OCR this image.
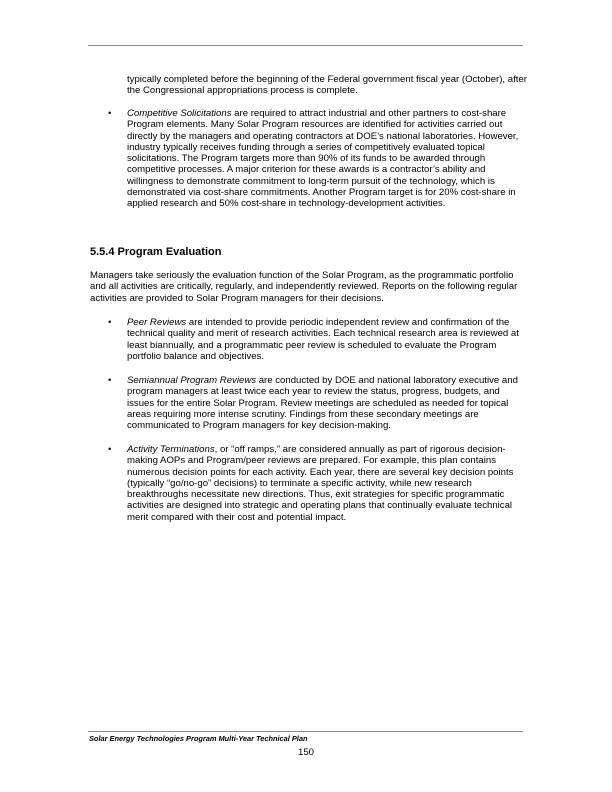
typically completed before the beginning of the Federal government fiscal year (October), after the Congressional appropriations process is complete.

• Competitive Solicitations are required to attract industrial and other partners to cost-share Program elements. Many Solar Program resources are identified for activities carried out directly by the managers and operating contractors at DOE’s national laboratories. However, industry typically receives funding through a series of competitively evaluated topical solicitations. The Program targets more than 90% of its funds to be awarded through competitive processes. A major criterion for these awards is a contractor’s ability and willingness to demonstrate commitment to long-term pursuit of the technology, which is demonstrated via cost-share commitments. Another Program target is for 20% cost-share in applied research and 50% cost-share in technology-development activities.

5.5.4 Program Evaluation

Managers take seriously the evaluation function of the Solar Program, as the programmatic portfolio and all activities are critically, regularly, and independently reviewed. Reports on the following regular activities are provided to Solar Program managers for their decisions.

• Peer Reviews are intended to provide periodic independent review and confirmation of the technical quality and merit of research activities. Each technical research area is reviewed at least biannually, and a programmatic peer review is scheduled to evaluate the Program portfolio balance and objectives.

• Semiannual Program Reviews are conducted by DOE and national laboratory executive and program managers at least twice each year to review the status, progress, budgets, and issues for the entire Solar Program. Review meetings are scheduled as needed for topical areas requiring more intense scrutiny. Findings from these secondary meetings are communicated to Program managers for key decision-making.

• Activity Terminations, or “off ramps,” are considered annually as part of rigorous decision-making AOPs and Program/peer reviews are prepared. For example, this plan contains numerous decision points for each activity. Each year, there are several key decision points (typically “go/no-go” decisions) to terminate a specific activity, while new research breakthroughs necessitate new directions. Thus, exit strategies for specific programmatic activities are designed into strategic and operating plans that continually evaluate technical merit compared with their cost and potential impact.

Solar Energy Technologies Program Multi-Year Technical Plan
150
